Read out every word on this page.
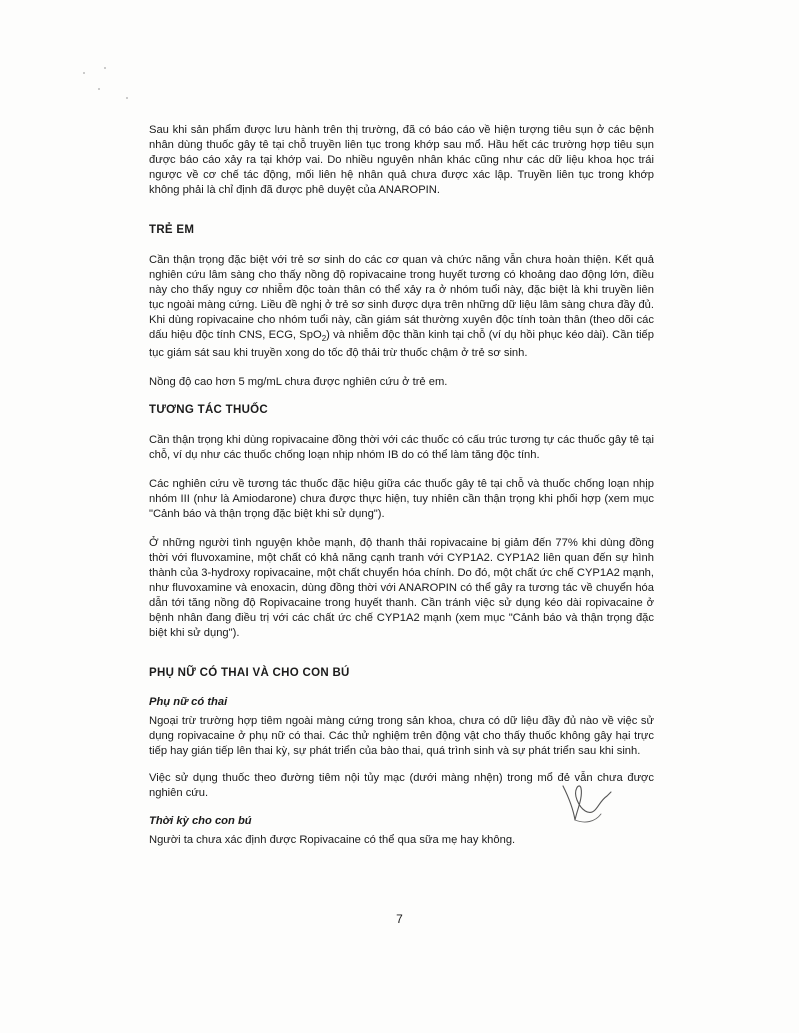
Sau khi sản phẩm được lưu hành trên thị trường, đã có báo cáo về hiện tượng tiêu sụn ở các bệnh nhân dùng thuốc gây tê tại chỗ truyền liên tục trong khớp sau mổ. Hầu hết các trường hợp tiêu sụn được báo cáo xảy ra tại khớp vai. Do nhiều nguyên nhân khác cũng như các dữ liệu khoa học trái ngược về cơ chế tác động, mối liên hệ nhân quả chưa được xác lập. Truyền liên tục trong khớp không phải là chỉ định đã được phê duyệt của ANAROPIN.

TRẺ EM

Cần thận trọng đặc biệt với trẻ sơ sinh do các cơ quan và chức năng vẫn chưa hoàn thiện. Kết quả nghiên cứu lâm sàng cho thấy nồng độ ropivacaine trong huyết tương có khoảng dao động lớn, điều này cho thấy nguy cơ nhiễm độc toàn thân có thể xảy ra ở nhóm tuổi này, đặc biệt là khi truyền liên tục ngoài màng cứng. Liều đề nghị ở trẻ sơ sinh được dựa trên những dữ liệu lâm sàng chưa đầy đủ. Khi dùng ropivacaine cho nhóm tuổi này, cần giám sát thường xuyên độc tính toàn thân (theo dõi các dấu hiệu độc tính CNS, ECG, SpO$_2$) và nhiễm độc thần kinh tại chỗ (ví dụ hồi phục kéo dài). Cần tiếp tục giám sát sau khi truyền xong do tốc độ thải trừ thuốc chậm ở trẻ sơ sinh.

Nồng độ cao hơn 5 mg/mL chưa được nghiên cứu ở trẻ em.

TƯƠNG TÁC THUỐC

Cần thận trọng khi dùng ropivacaine đồng thời với các thuốc có cấu trúc tương tự các thuốc gây tê tại chỗ, ví dụ như các thuốc chống loạn nhịp nhóm IB do có thể làm tăng độc tính.

Các nghiên cứu về tương tác thuốc đặc hiệu giữa các thuốc gây tê tại chỗ và thuốc chống loạn nhịp nhóm III (như là Amiodarone) chưa được thực hiện, tuy nhiên cần thận trọng khi phối hợp (xem mục "Cảnh báo và thận trọng đặc biệt khi sử dụng").

Ở những người tình nguyện khỏe mạnh, độ thanh thải ropivacaine bị giảm đến 77% khi dùng đồng thời với fluvoxamine, một chất có khả năng cạnh tranh với CYP1A2. CYP1A2 liên quan đến sự hình thành của 3-hydroxy ropivacaine, một chất chuyển hóa chính. Do đó, một chất ức chế CYP1A2 mạnh, như fluvoxamine và enoxacin, dùng đồng thời với ANAROPIN có thể gây ra tương tác về chuyển hóa dẫn tới tăng nồng độ Ropivacaine trong huyết thanh. Cần tránh việc sử dụng kéo dài ropivacaine ở bệnh nhân đang điều trị với các chất ức chế CYP1A2 mạnh (xem mục "Cảnh báo và thận trọng đặc biệt khi sử dụng").

PHỤ NỮ CÓ THAI VÀ CHO CON BÚ
Phụ nữ có thai

Ngoại trừ trường hợp tiêm ngoài màng cứng trong sản khoa, chưa có dữ liệu đầy đủ nào về việc sử dụng ropivacaine ở phụ nữ có thai. Các thử nghiệm trên động vật cho thấy thuốc không gây hại trực tiếp hay gián tiếp lên thai kỳ, sự phát triển của bào thai, quá trình sinh và sự phát triển sau khi sinh.

Việc sử dụng thuốc theo đường tiêm nội tủy mạc (dưới màng nhện) trong mổ đẻ vẫn chưa được nghiên cứu.

Thời kỳ cho con bú

Người ta chưa xác định được Ropivacaine có thể qua sữa mẹ hay không.

7
